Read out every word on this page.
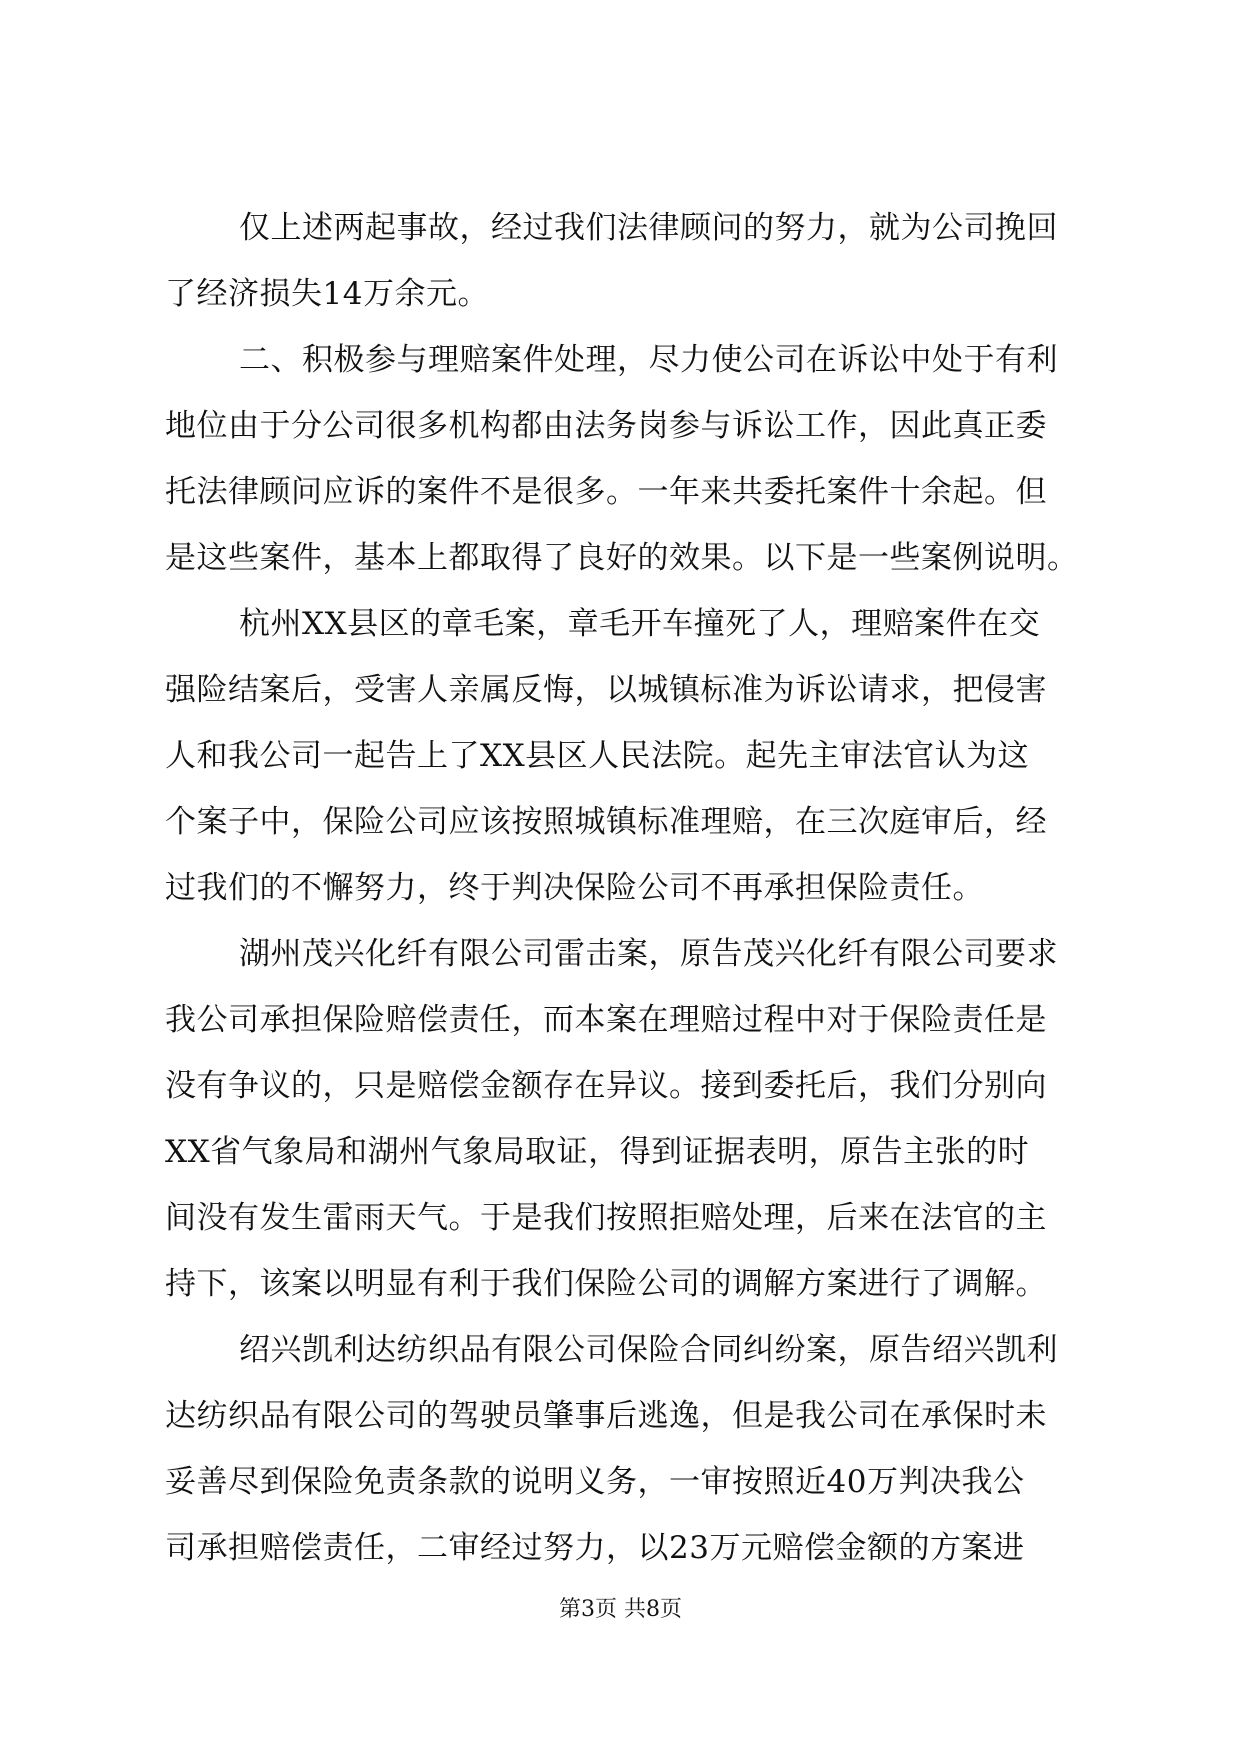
仅上述两起事故，经过我们法律顾问的努力，就为公司挽回
了经济损失14万余元。
二、积极参与理赔案件处理，尽力使公司在诉讼中处于有利
地位由于分公司很多机构都由法务岗参与诉讼工作，因此真正委
托法律顾问应诉的案件不是很多。一年来共委托案件十余起。但
是这些案件，基本上都取得了良好的效果。以下是一些案例说明。
杭州XX县区的章毛案，章毛开车撞死了人，理赔案件在交
强险结案后，受害人亲属反悔，以城镇标准为诉讼请求，把侵害
人和我公司一起告上了XX县区人民法院。起先主审法官认为这
个案子中，保险公司应该按照城镇标准理赔，在三次庭审后，经
过我们的不懈努力，终于判决保险公司不再承担保险责任。
湖州茂兴化纤有限公司雷击案，原告茂兴化纤有限公司要求
我公司承担保险赔偿责任，而本案在理赔过程中对于保险责任是
没有争议的，只是赔偿金额存在异议。接到委托后，我们分别向
XX省气象局和湖州气象局取证，得到证据表明，原告主张的时
间没有发生雷雨天气。于是我们按照拒赔处理，后来在法官的主
持下，该案以明显有利于我们保险公司的调解方案进行了调解。
绍兴凯利达纺织品有限公司保险合同纠纷案，原告绍兴凯利
达纺织品有限公司的驾驶员肇事后逃逸，但是我公司在承保时未
妥善尽到保险免责条款的说明义务，一审按照近40万判决我公
司承担赔偿责任，二审经过努力，以23万元赔偿金额的方案进
第3页 共8页
